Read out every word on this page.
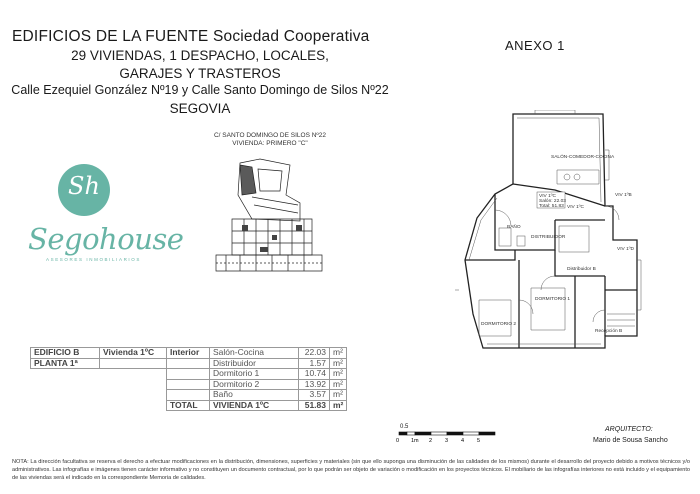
EDIFICIOS DE LA FUENTE Sociedad Cooperativa
29 VIVIENDAS, 1 DESPACHO, LOCALES,
GARAJES Y TRASTEROS
Calle Ezequiel González Nº19 y Calle Santo Domingo de Silos Nº22
SEGOVIA
ANEXO 1
C/ SANTO DOMINGO DE SILOS Nº22
VIVIENDA: PRIMERO "C"
Sh
Segohouse
ASESORES INMOBILIARIOS
EDIFICIO B	Vivienda 1ºC	Interior	Salón-Cocina	22.03	m²
PLANTA 1ª			Distribuidor	1.57	m²
			Dormitorio 1	10.74	m²
			Dormitorio 2	13.92	m²
			Baño	3.57	m²
		TOTAL	VIVIENDA 1ºC	51.83	m²
VIV 1ºC
Salón: 22.03
Total: 51.83
SALÓN-COMEDOR-COCINA
BAÑO
DISTRIBUIDOR
Distribuidor B
DORMITORIO 1
DORMITORIO 2
Recepción B
VIV 1ºC
VIV 1ºB
VIV 1ºD
0.5
0 1m 2 3 4 5
ARQUITECTO:
Mario de Sousa Sancho
NOTA: La dirección facultativa se reserva el derecho a efectuar modificaciones en la distribución, dimensiones, superficies y materiales (sin que ello suponga una disminución de las calidades de los mismos) durante el desarrollo del proyecto debido a motivos técnicos y/o administrativos. Las infografías e imágenes tienen carácter informativo y no constituyen un documento contractual, por lo que podrán ser objeto de variación o modificación en los proyectos técnicos. El mobiliario de las infografías interiores no está incluido y el equipamiento de las viviendas será el indicado en la correspondiente Memoria de calidades.
